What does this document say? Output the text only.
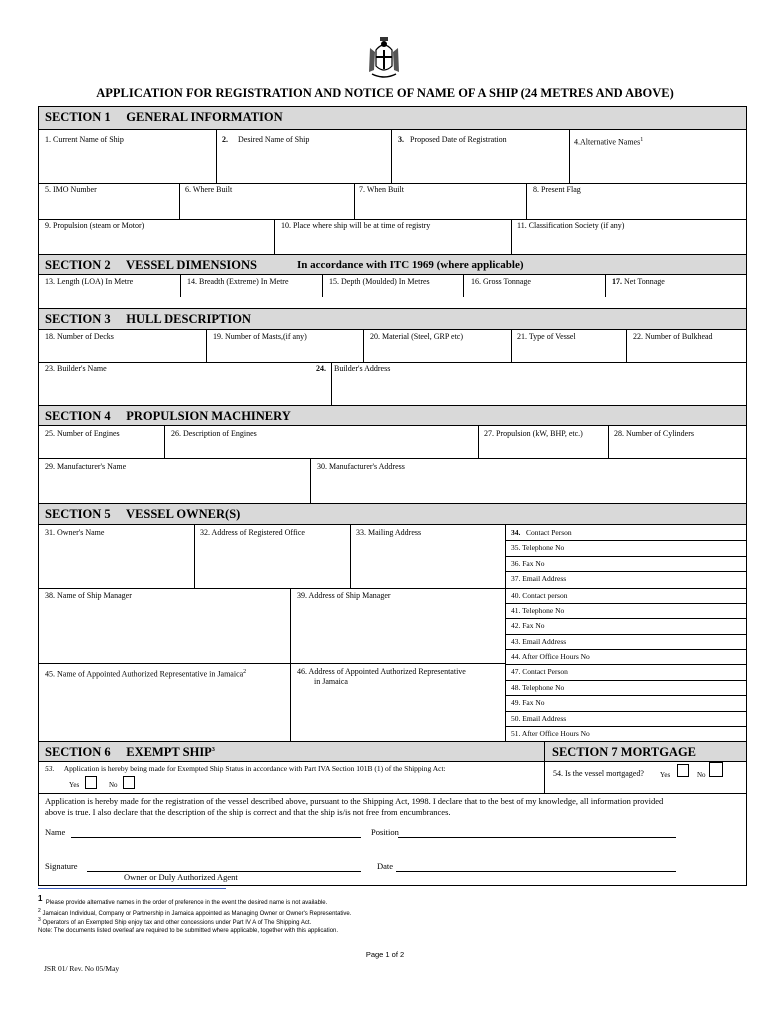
APPLICATION FOR REGISTRATION AND NOTICE OF NAME OF A SHIP (24 METRES AND ABOVE)
SECTION 1     GENERAL INFORMATION
1. Current Name of Ship	2. Desired Name of Ship	3. Proposed Date of Registration	4.Alternative Names$^1$
5. IMO Number	6. Where Built	7. When Built	8. Present Flag
9. Propulsion (steam or Motor)	10. Place where ship will be at time of registry	11. Classification Society (if any)
SECTION 2     VESSEL DIMENSIONS	In accordance with ITC 1969 (where applicable)
13. Length (LOA) In Metre	14. Breadth (Extreme) In Metre	15. Depth (Moulded) In Metres	16. Gross Tonnage	17. Net Tonnage
SECTION 3     HULL DESCRIPTION
18. Number of Decks	19. Number of Masts,(if any)	20. Material (Steel, GRP etc)	21. Type of Vessel	22. Number of Bulkhead
23. Builder's Name	24. Builder's Address
SECTION 4     PROPULSION MACHINERY
25. Number of Engines	26. Description of Engines	27. Propulsion (kW, BHP, etc.)	28. Number of Cylinders
29. Manufacturer's Name	30. Manufacturer's Address
SECTION 5     VESSEL OWNER(S)
31. Owner's Name	32. Address of Registered Office	33. Mailing Address	34. Contact Person
35. Telephone No
36. Fax No
37. Email Address
38. Name of Ship Manager	39. Address of Ship Manager	40. Contact person
41. Telephone No
42. Fax No
43. Email Address
44. After Office Hours No
45. Name of Appointed Authorized Representative in Jamaica$^2$	46. Address of Appointed Authorized Representative
in Jamaica
47. Contact Person
48. Telephone No
49. Fax No
50. Email Address
51. After Office Hours No
SECTION 6     EXEMPT SHIP$^3$	SECTION 7 MORTGAGE
53. Application is hereby being made for Exempted Ship Status in accordance with Part IVA Section 101B (1) of the Shipping Act:
Yes	No
54. Is the vessel mortgaged? Yes	No
Application is hereby made for the registration of the vessel described above, pursuant to the Shipping Act, 1998. I declare that to the best of my knowledge, all information provided
above is true. I also declare that the description of the ship is correct and that the ship is/is not free from encumbrances.
Name	Position
Signature	Date
Owner or Duly Authorized Agent
1 Please provide alternative names in the order of preference in the event the desired name is not available.
$^2$ Jamaican Individual, Company or Partnership in Jamaica appointed as Managing Owner or Owner's Representative.
$^3$ Operators of an Exempted Ship enjoy tax and other concessions under Part IV A of The Shipping Act.
Note: The documents listed overleaf are required to be submitted where applicable, together with this application.
Page 1 of 2
JSR 01/ Rev. No 05/May
